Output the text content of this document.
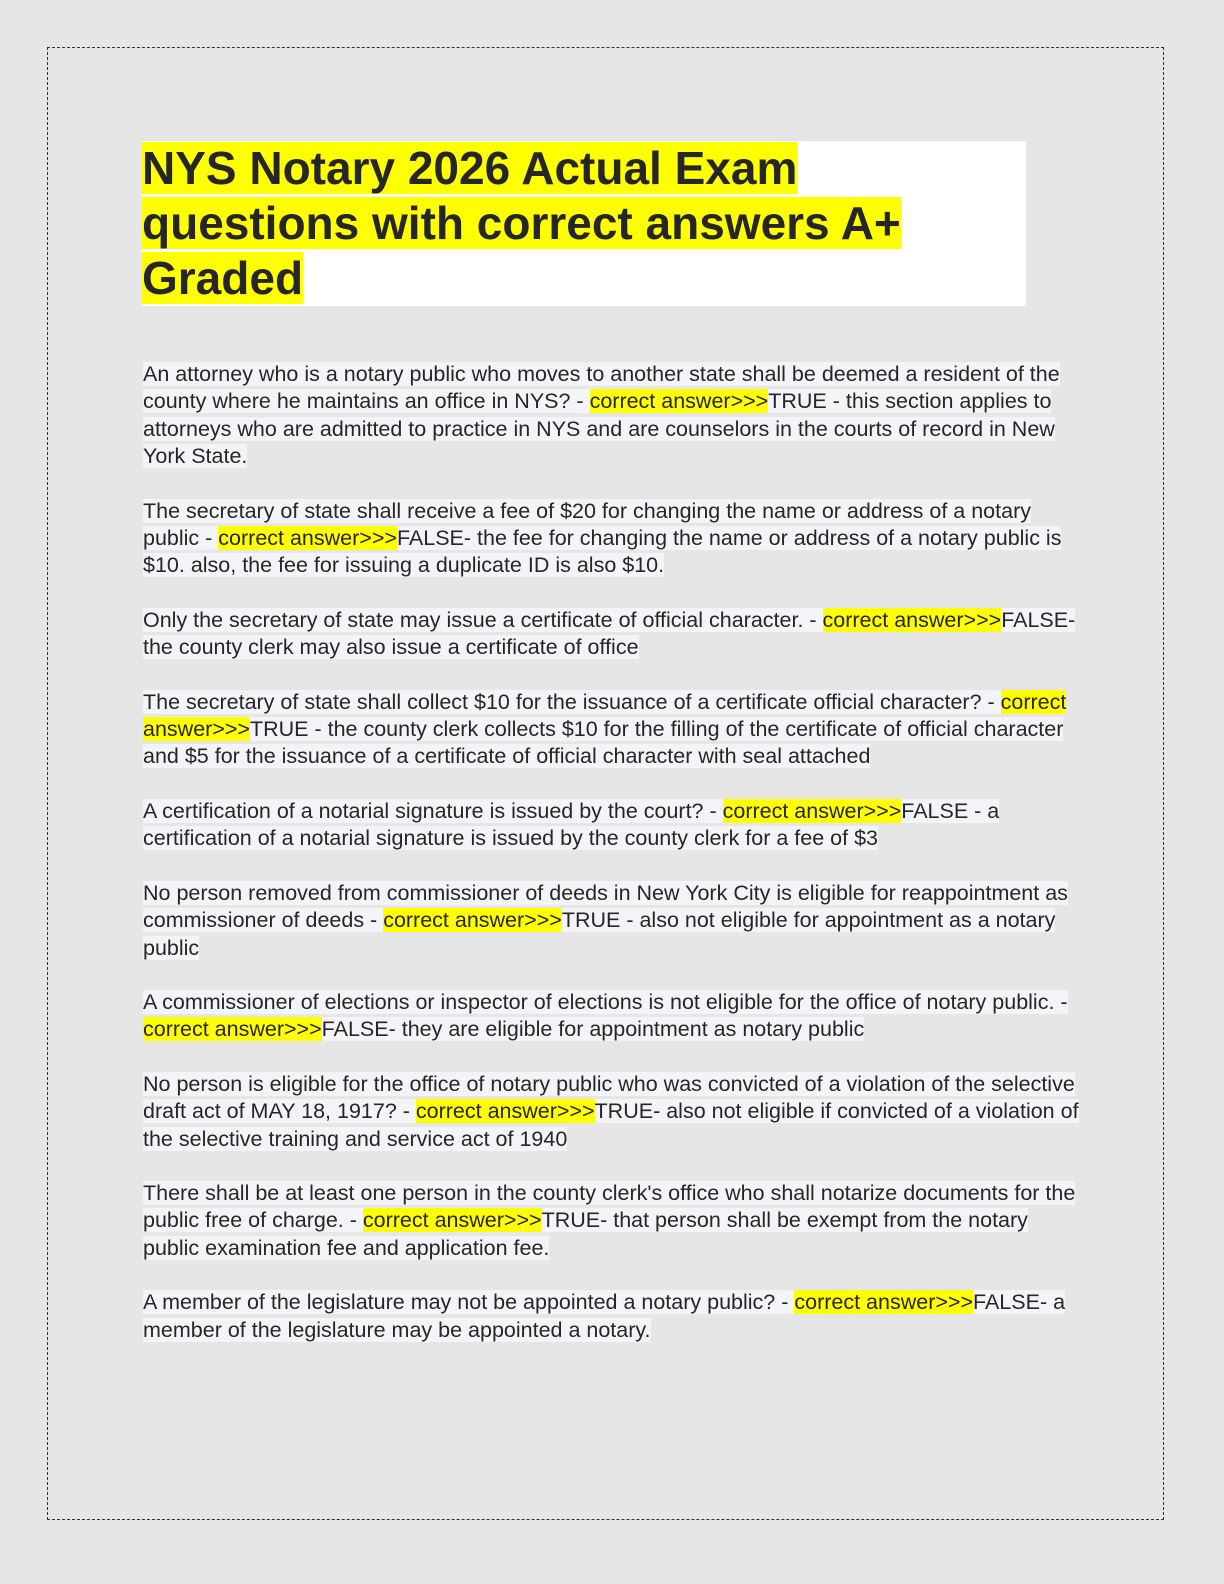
NYS Notary 2026 Actual Exam questions with correct answers A+ Graded

An attorney who is a notary public who moves to another state shall be deemed a resident of the county where he maintains an office in NYS? - correct answer>>>TRUE - this section applies to attorneys who are admitted to practice in NYS and are counselors in the courts of record in New York State.

The secretary of state shall receive a fee of $20 for changing the name or address of a notary public - correct answer>>>FALSE- the fee for changing the name or address of a notary public is $10. also, the fee for issuing a duplicate ID is also $10.

Only the secretary of state may issue a certificate of official character. - correct answer>>>FALSE- the county clerk may also issue a certificate of office

The secretary of state shall collect $10 for the issuance of a certificate official character? - correct answer>>>TRUE - the county clerk collects $10 for the filling of the certificate of official character and $5 for the issuance of a certificate of official character with seal attached

A certification of a notarial signature is issued by the court? - correct answer>>>FALSE - a certification of a notarial signature is issued by the county clerk for a fee of $3

No person removed from commissioner of deeds in New York City is eligible for reappointment as commissioner of deeds - correct answer>>>TRUE - also not eligible for appointment as a notary public

A commissioner of elections or inspector of elections is not eligible for the office of notary public. - correct answer>>>FALSE- they are eligible for appointment as notary public

No person is eligible for the office of notary public who was convicted of a violation of the selective draft act of MAY 18, 1917? - correct answer>>>TRUE- also not eligible if convicted of a violation of the selective training and service act of 1940

There shall be at least one person in the county clerk's office who shall notarize documents for the public free of charge. - correct answer>>>TRUE- that person shall be exempt from the notary public examination fee and application fee.

A member of the legislature may not be appointed a notary public? - correct answer>>>FALSE- a member of the legislature may be appointed a notary.
